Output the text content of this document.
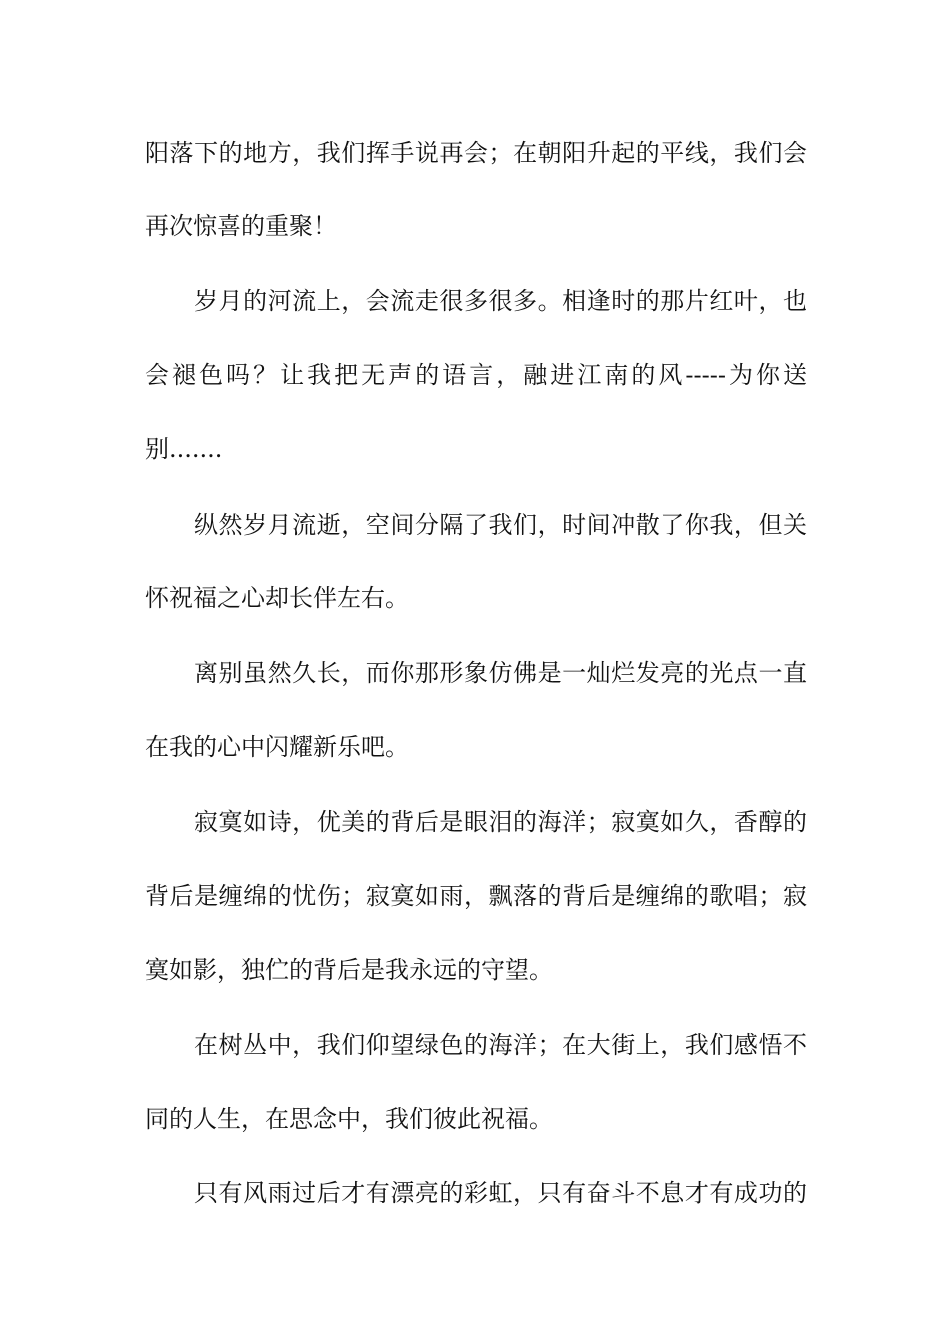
阳落下的地方，我们挥手说再会；在朝阳升起的平线，我们会
再次惊喜的重聚！
岁月的河流上，会流走很多很多。相逢时的那片红叶，也
会褪色吗？让我把无声的语言，融进江南的风-----为你送
别.......
纵然岁月流逝，空间分隔了我们，时间冲散了你我，但关
怀祝福之心却长伴左右。
离别虽然久长，而你那形象仿佛是一灿烂发亮的光点一直
在我的心中闪耀新乐吧。
寂寞如诗，优美的背后是眼泪的海洋；寂寞如久，香醇的
背后是缠绵的忧伤；寂寞如雨，飘落的背后是缠绵的歌唱；寂
寞如影，独伫的背后是我永远的守望。
在树丛中，我们仰望绿色的海洋；在大街上，我们感悟不
同的人生，在思念中，我们彼此祝福。
只有风雨过后才有漂亮的彩虹，只有奋斗不息才有成功的
